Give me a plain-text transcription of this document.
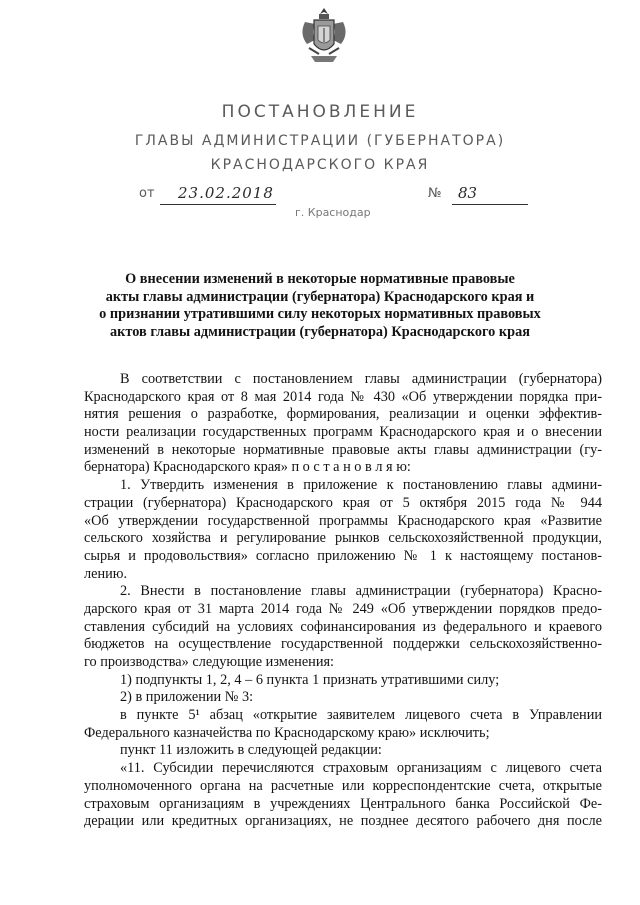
ПОСТАНОВЛЕНИЕ
ГЛАВЫ АДМИНИСТРАЦИИ (ГУБЕРНАТОРА)
КРАСНОДАРСКОГО КРАЯ
от 23.02.2018	№ 83
г. Краснодар
О внесении изменений в некоторые нормативные правовые
акты главы администрации (губернатора) Краснодарского края и
о признании утратившими силу некоторых нормативных правовых
актов главы администрации (губернатора) Краснодарского края
В соответствии с постановлением главы администрации (губернатора)
Краснодарского края от 8 мая 2014 года № 430 «Об утверждении порядка при-
нятия решения о разработке, формирования, реализации и оценки эффектив-
ности реализации государственных программ Краснодарского края и о внесении
изменений в некоторые нормативные правовые акты главы администрации (гу-
бернатора) Краснодарского края» п о с т а н о в л я ю:
1. Утвердить изменения в приложение к постановлению главы админи-
страции (губернатора) Краснодарского края от 5 октября 2015 года № 944
«Об утверждении государственной программы Краснодарского края «Развитие
сельского хозяйства и регулирование рынков сельскохозяйственной продукции,
сырья и продовольствия» согласно приложению № 1 к настоящему постанов-
лению.
2. Внести в постановление главы администрации (губернатора) Красно-
дарского края от 31 марта 2014 года № 249 «Об утверждении порядков предо-
ставления субсидий на условиях софинансирования из федерального и краевого
бюджетов на осуществление государственной поддержки сельскохозяйственно-
го производства» следующие изменения:
1) подпункты 1, 2, 4 – 6 пункта 1 признать утратившими силу;
2) в приложении № 3:
в пункте 5¹ абзац «открытие заявителем лицевого счета в Управлении
Федерального казначейства по Краснодарскому краю» исключить;
пункт 11 изложить в следующей редакции:
«11. Субсидии перечисляются страховым организациям с лицевого счета
уполномоченного органа на расчетные или корреспондентские счета, открытые
страховым организациям в учреждениях Центрального банка Российской Фе-
дерации или кредитных организациях, не позднее десятого рабочего дня после
